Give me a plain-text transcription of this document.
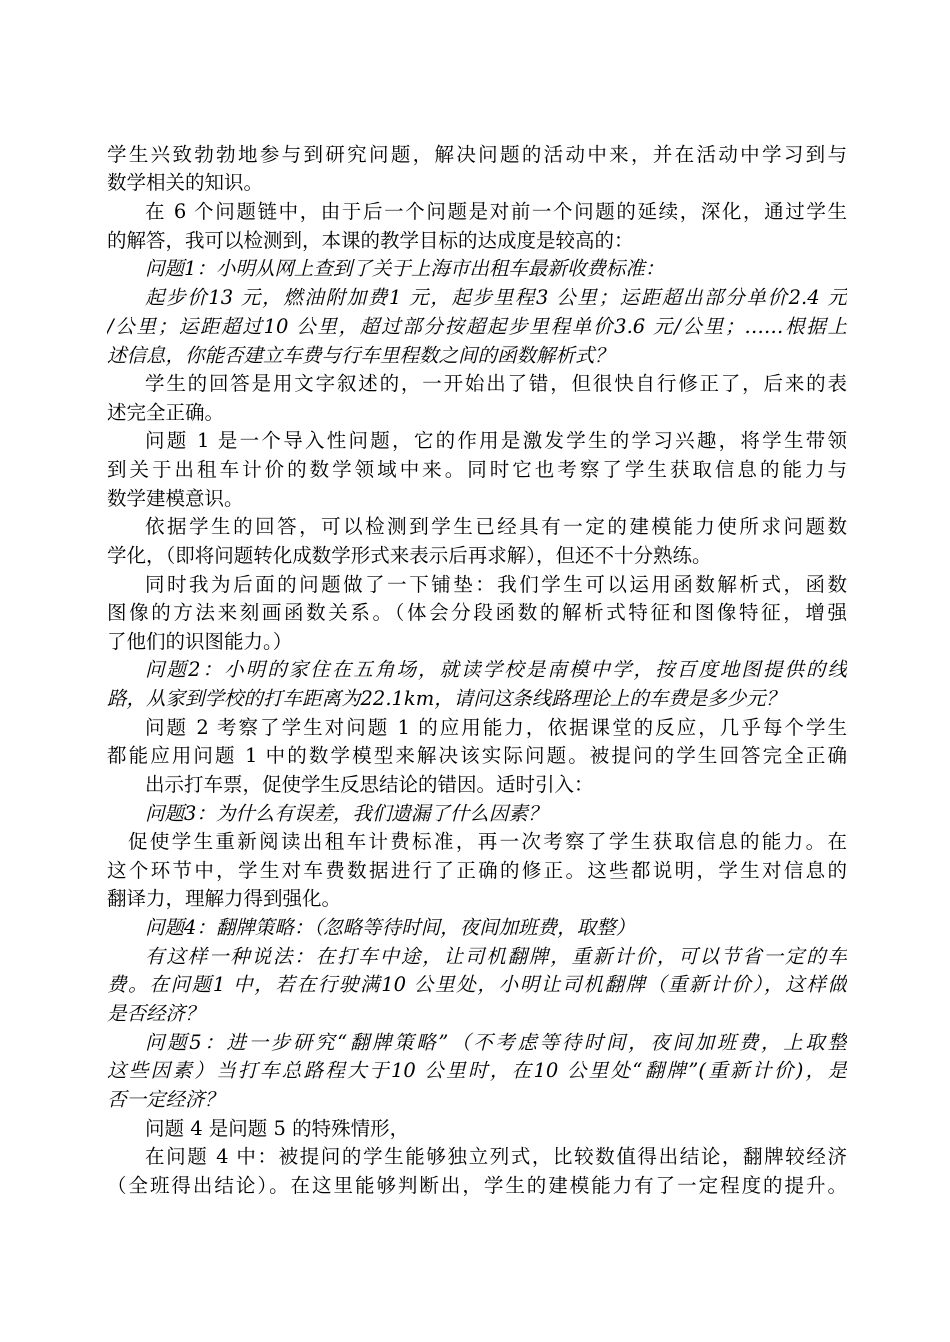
学生兴致勃勃地参与到研究问题，解决问题的活动中来，并在活动中学习到与
数学相关的知识。
在 6 个问题链中，由于后一个问题是对前一个问题的延续，深化，通过学生
的解答，我可以检测到，本课的教学目标的达成度是较高的：
问题1：小明从网上查到了关于上海市出租车最新收费标准：
起步价13 元，燃油附加费1 元，起步里程3 公里；运距超出部分单价2.4 元
/公里；运距超过10 公里，超过部分按超起步里程单价3.6 元/公里；……根据上
述信息，你能否建立车费与行车里程数之间的函数解析式？
学生的回答是用文字叙述的，一开始出了错，但很快自行修正了，后来的表
述完全正确。
问题 1 是一个导入性问题，它的作用是激发学生的学习兴趣，将学生带领
到关于出租车计价的数学领域中来。同时它也考察了学生获取信息的能力与
数学建模意识。
依据学生的回答，可以检测到学生已经具有一定的建模能力使所求问题数
学化，（即将问题转化成数学形式来表示后再求解），但还不十分熟练。
同时我为后面的问题做了一下铺垫：我们学生可以运用函数解析式，函数
图像的方法来刻画函数关系。（体会分段函数的解析式特征和图像特征，增强
了他们的识图能力。）
问题2：小明的家住在五角场，就读学校是南模中学，按百度地图提供的线
路，从家到学校的打车距离为22.1km，请问这条线路理论上的车费是多少元？
问题 2 考察了学生对问题 1 的应用能力，依据课堂的反应，几乎每个学生
都能应用问题 1 中的数学模型来解决该实际问题。被提问的学生回答完全正确
出示打车票，促使学生反思结论的错因。适时引入：
问题3：为什么有误差，我们遗漏了什么因素？
促使学生重新阅读出租车计费标准，再一次考察了学生获取信息的能力。在
这个环节中，学生对车费数据进行了正确的修正。这些都说明，学生对信息的
翻译力，理解力得到强化。
问题4：翻牌策略：（忽略等待时间，夜间加班费，取整）
有这样一种说法：在打车中途，让司机翻牌，重新计价，可以节省一定的车
费。在问题1 中，若在行驶满10 公里处，小明让司机翻牌（重新计价），这样做
是否经济？
问题5：进一步研究“翻牌策略”（不考虑等待时间，夜间加班费，上取整
这些因素）当打车总路程大于10 公里时，在10 公里处“翻牌”(重新计价)，是
否一定经济？
问题 4 是问题 5 的特殊情形，
在问题 4 中：被提问的学生能够独立列式，比较数值得出结论，翻牌较经济
（全班得出结论）。在这里能够判断出，学生的建模能力有了一定程度的提升。
